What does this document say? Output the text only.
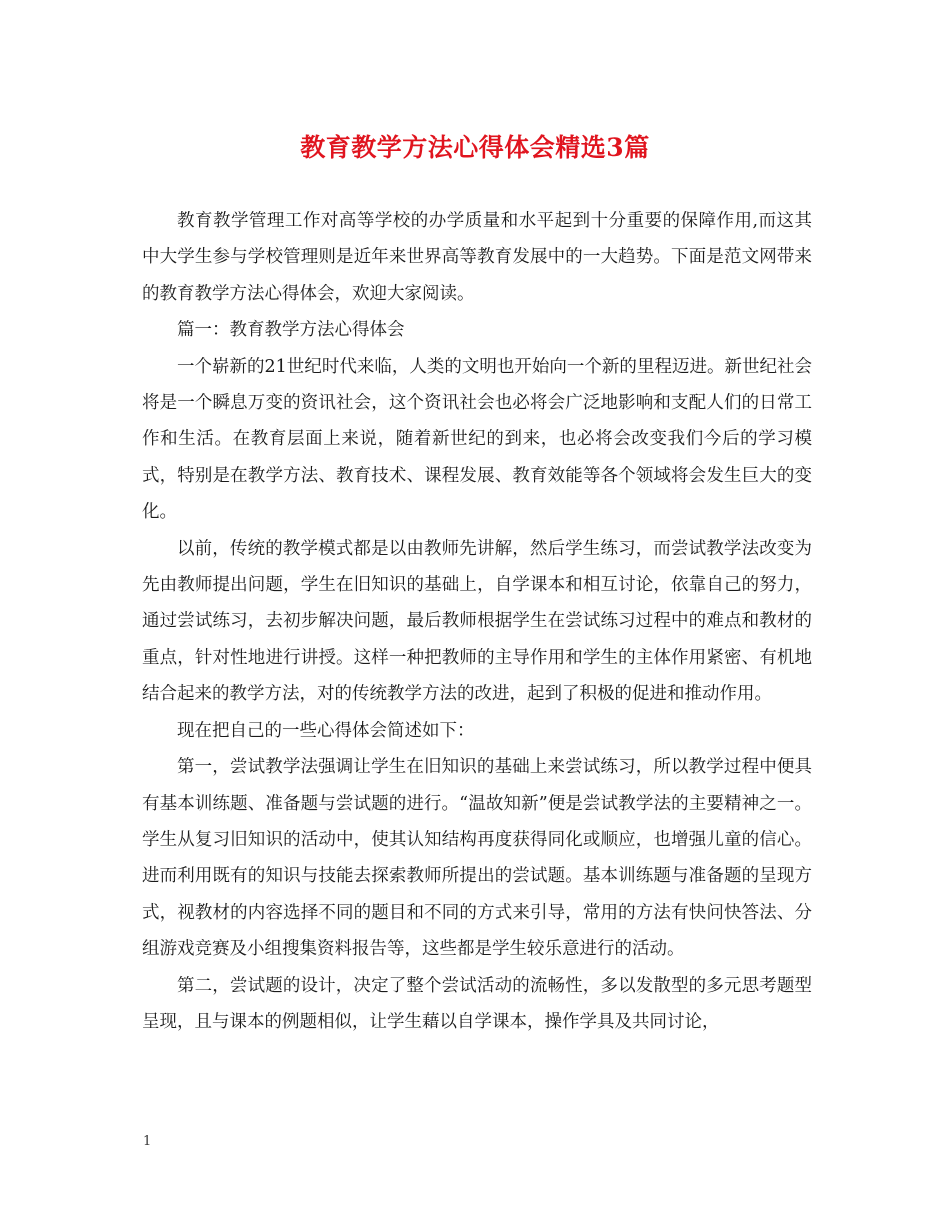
教育教学方法心得体会精选3篇

教育教学管理工作对高等学校的办学质量和水平起到十分重要的保障作用,而这其中大学生参与学校管理则是近年来世界高等教育发展中的一大趋势。下面是范文网带来的教育教学方法心得体会，欢迎大家阅读。

篇一：教育教学方法心得体会

一个崭新的21世纪时代来临，人类的文明也开始向一个新的里程迈进。新世纪社会将是一个瞬息万变的资讯社会，这个资讯社会也必将会广泛地影响和支配人们的日常工作和生活。在教育层面上来说，随着新世纪的到来，也必将会改变我们今后的学习模式，特别是在教学方法、教育技术、课程发展、教育效能等各个领域将会发生巨大的变化。

以前，传统的教学模式都是以由教师先讲解，然后学生练习，而尝试教学法改变为先由教师提出问题，学生在旧知识的基础上，自学课本和相互讨论，依靠自己的努力，通过尝试练习，去初步解决问题，最后教师根据学生在尝试练习过程中的难点和教材的重点，针对性地进行讲授。这样一种把教师的主导作用和学生的主体作用紧密、有机地结合起来的教学方法，对的传统教学方法的改进，起到了积极的促进和推动作用。

现在把自己的一些心得体会简述如下：

第一，尝试教学法强调让学生在旧知识的基础上来尝试练习，所以教学过程中便具有基本训练题、准备题与尝试题的进行。“温故知新”便是尝试教学法的主要精神之一。学生从复习旧知识的活动中，使其认知结构再度获得同化或顺应，也增强儿童的信心。进而利用既有的知识与技能去探索教师所提出的尝试题。基本训练题与准备题的呈现方式，视教材的内容选择不同的题目和不同的方式来引导，常用的方法有快问快答法、分组游戏竞赛及小组搜集资料报告等，这些都是学生较乐意进行的活动。

第二，尝试题的设计，决定了整个尝试活动的流畅性，多以发散型的多元思考题型呈现，且与课本的例题相似，让学生藉以自学课本，操作学具及共同讨论，

1
